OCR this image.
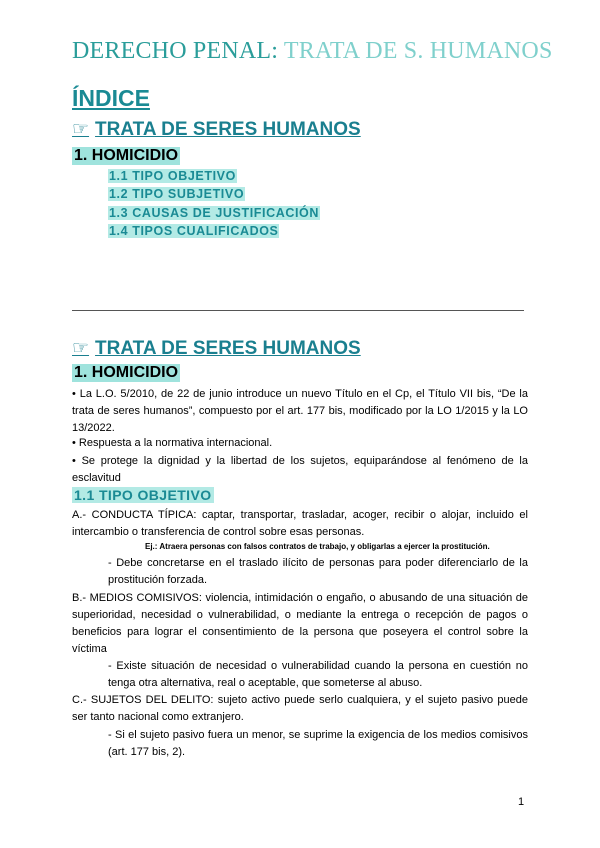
DERECHO PENAL: TRATA DE S. HUMANOS
ÍNDICE
☞ TRATA DE SERES HUMANOS
1. HOMICIDIO
1.1 TIPO OBJETIVO
1.2 TIPO SUBJETIVO
1.3 CAUSAS DE JUSTIFICACIÓN
1.4 TIPOS CUALIFICADOS
☞ TRATA DE SERES HUMANOS
1. HOMICIDIO
• La L.O. 5/2010, de 22 de junio introduce un nuevo Título en el Cp, el Título VII bis, “De la trata de seres humanos”, compuesto por el art. 177 bis, modificado por la LO 1/2015 y la LO 13/2022.
• Respuesta a la normativa internacional.
• Se protege la dignidad y la libertad de los sujetos, equiparándose al fenómeno de la esclavitud
1.1 TIPO OBJETIVO
A.- CONDUCTA TÍPICA: captar, transportar, trasladar, acoger, recibir o alojar, incluido el intercambio o transferencia de control sobre esas personas.
Ej.: Atraera personas con falsos contratos de trabajo, y obligarlas a ejercer la prostitución.
- Debe concretarse en el traslado ilícito de personas para poder diferenciarlo de la prostitución forzada.
B.- MEDIOS COMISIVOS: violencia, intimidación o engaño, o abusando de una situación de superioridad, necesidad o vulnerabilidad, o mediante la entrega o recepción de pagos o beneficios para lograr el consentimiento de la persona que poseyera el control sobre la víctima
- Existe situación de necesidad o vulnerabilidad cuando la persona en cuestión no tenga otra alternativa, real o aceptable, que someterse al abuso.
C.- SUJETOS DEL DELITO: sujeto activo puede serlo cualquiera, y el sujeto pasivo puede ser tanto nacional como extranjero.
- Si el sujeto pasivo fuera un menor, se suprime la exigencia de los medios comisivos (art. 177 bis, 2).
1
